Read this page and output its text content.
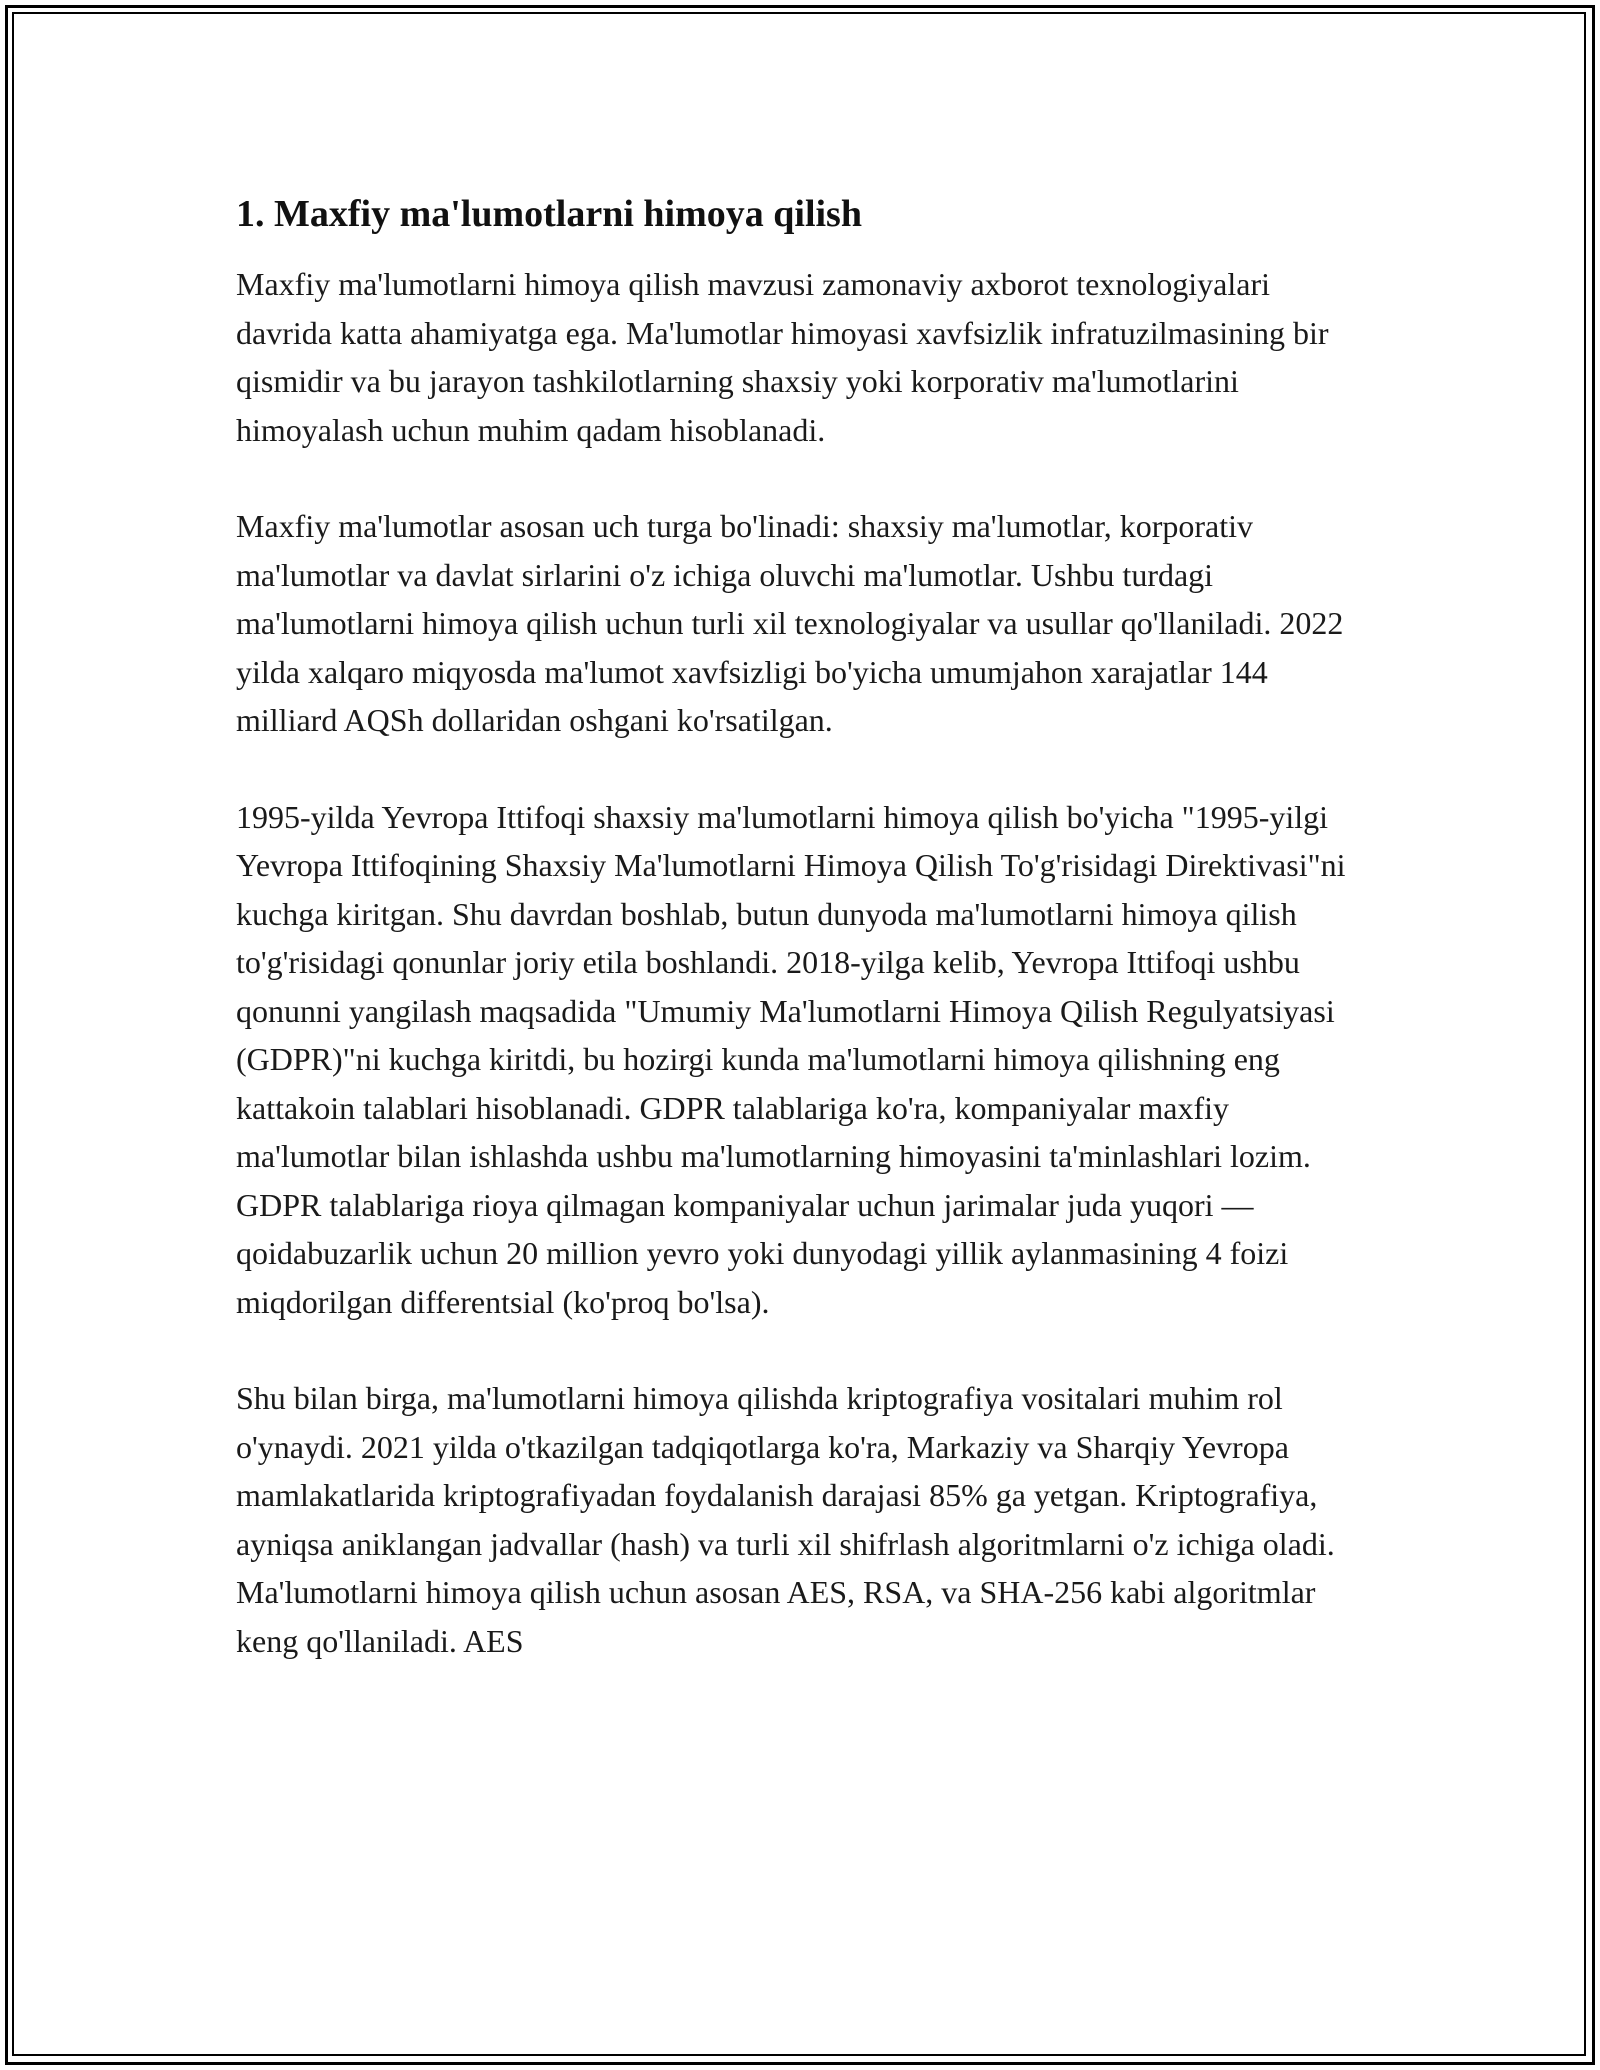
1. Maxfiy ma'lumotlarni himoya qilish

Maxfiy ma'lumotlarni himoya qilish mavzusi zamonaviy axborot texnologiyalari davrida katta ahamiyatga ega. Ma'lumotlar himoyasi xavfsizlik infratuzilmasining bir qismidir va bu jarayon tashkilotlarning shaxsiy yoki korporativ ma'lumotlarini himoyalash uchun muhim qadam hisoblanadi.

Maxfiy ma'lumotlar asosan uch turga bo'linadi: shaxsiy ma'lumotlar, korporativ ma'lumotlar va davlat sirlarini o'z ichiga oluvchi ma'lumotlar. Ushbu turdagi ma'lumotlarni himoya qilish uchun turli xil texnologiyalar va usullar qo'llaniladi. 2022 yilda xalqaro miqyosda ma'lumot xavfsizligi bo'yicha umumjahon xarajatlar 144 milliard AQSh dollaridan oshgani ko'rsatilgan.

1995-yilda Yevropa Ittifoqi shaxsiy ma'lumotlarni himoya qilish bo'yicha "1995-yilgi Yevropa Ittifoqining Shaxsiy Ma'lumotlarni Himoya Qilish To'g'risidagi Direktivasi"ni kuchga kiritgan. Shu davrdan boshlab, butun dunyoda ma'lumotlarni himoya qilish to'g'risidagi qonunlar joriy etila boshlandi. 2018-yilga kelib, Yevropa Ittifoqi ushbu qonunni yangilash maqsadida "Umumiy Ma'lumotlarni Himoya Qilish Regulyatsiyasi (GDPR)"ni kuchga kiritdi, bu hozirgi kunda ma'lumotlarni himoya qilishning eng kattakoin talablari hisoblanadi. GDPR talablariga ko'ra, kompaniyalar maxfiy ma'lumotlar bilan ishlashda ushbu ma'lumotlarning himoyasini ta'minlashlari lozim. GDPR talablariga rioya qilmagan kompaniyalar uchun jarimalar juda yuqori — qoidabuzarlik uchun 20 million yevro yoki dunyodagi yillik aylanmasining 4 foizi miqdorilgan differentsial (ko'proq bo'lsa).

Shu bilan birga, ma'lumotlarni himoya qilishda kriptografiya vositalari muhim rol o'ynaydi. 2021 yilda o'tkazilgan tadqiqotlarga ko'ra, Markaziy va Sharqiy Yevropa mamlakatlarida kriptografiyadan foydalanish darajasi 85% ga yetgan. Kriptografiya, ayniqsa aniklangan jadvallar (hash) va turli xil shifrlash algoritmlarni o'z ichiga oladi. Ma'lumotlarni himoya qilish uchun asosan AES, RSA, va SHA-256 kabi algoritmlar keng qo'llaniladi. AES
